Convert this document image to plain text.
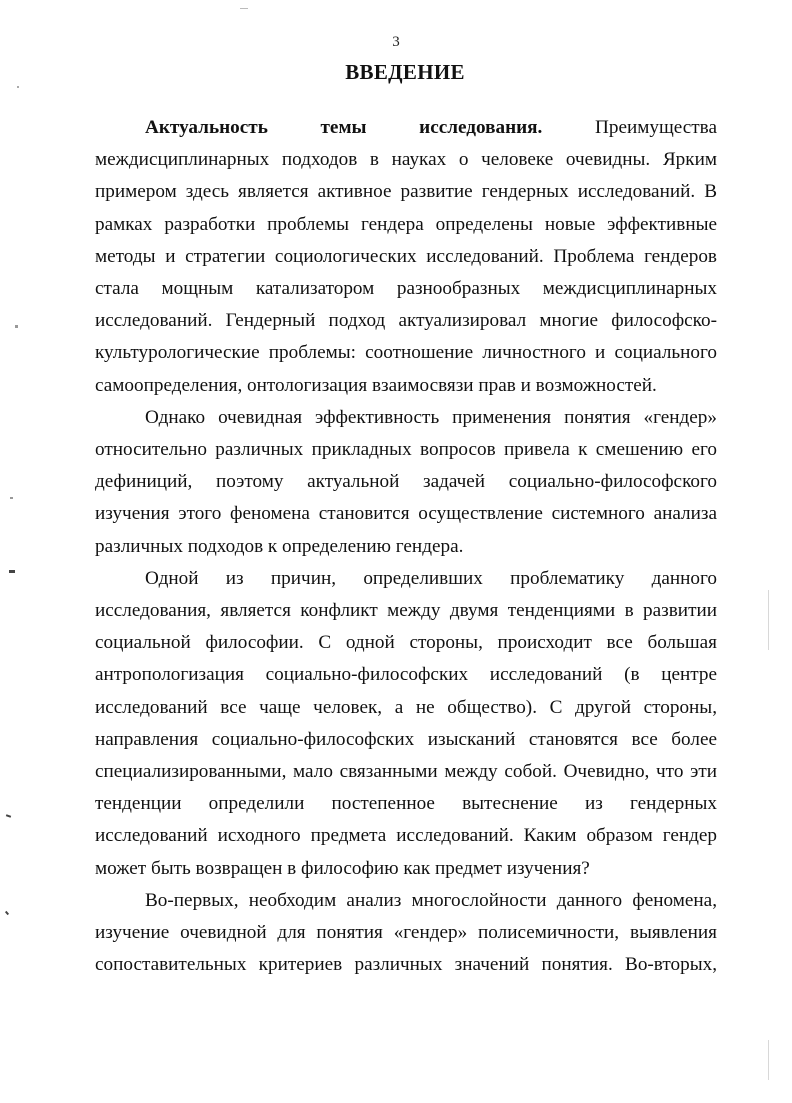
3
ВВЕДЕНИЕ

Актуальность темы исследования.	Преимущества междисциплинарных подходов в науках о человеке очевидны. Ярким примером здесь является активное развитие гендерных исследований. В рамках разработки проблемы гендера определены новые эффективные методы и стратегии социологических исследований. Проблема гендеров стала мощным катализатором разнообразных междисциплинарных исследований. Гендерный подход актуализировал многие философско-культурологические проблемы: соотношение личностного и социального самоопределения, онтологизация взаимосвязи прав и возможностей.

Однако очевидная эффективность применения понятия «гендер» относительно различных прикладных вопросов привела к смешению его дефиниций, поэтому актуальной задачей социально-философского изучения этого феномена становится осуществление системного анализа различных подходов к определению гендера.

Одной из причин, определивших проблематику данного исследования, является конфликт между двумя тенденциями в развитии социальной философии. С одной стороны, происходит все большая антропологизация социально-философских исследований (в центре исследований все чаще человек, а не общество). С другой стороны, направления социально-философских изысканий становятся все более специализированными, мало связанными между собой. Очевидно, что эти тенденции определили постепенное вытеснение из гендерных исследований исходного предмета исследований. Каким образом гендер может быть возвращен в философию как предмет изучения?

Во-первых, необходим анализ многослойности данного феномена, изучение очевидной для понятия «гендер» полисемичности, выявления сопоставительных критериев различных значений понятия. Во-вторых,
